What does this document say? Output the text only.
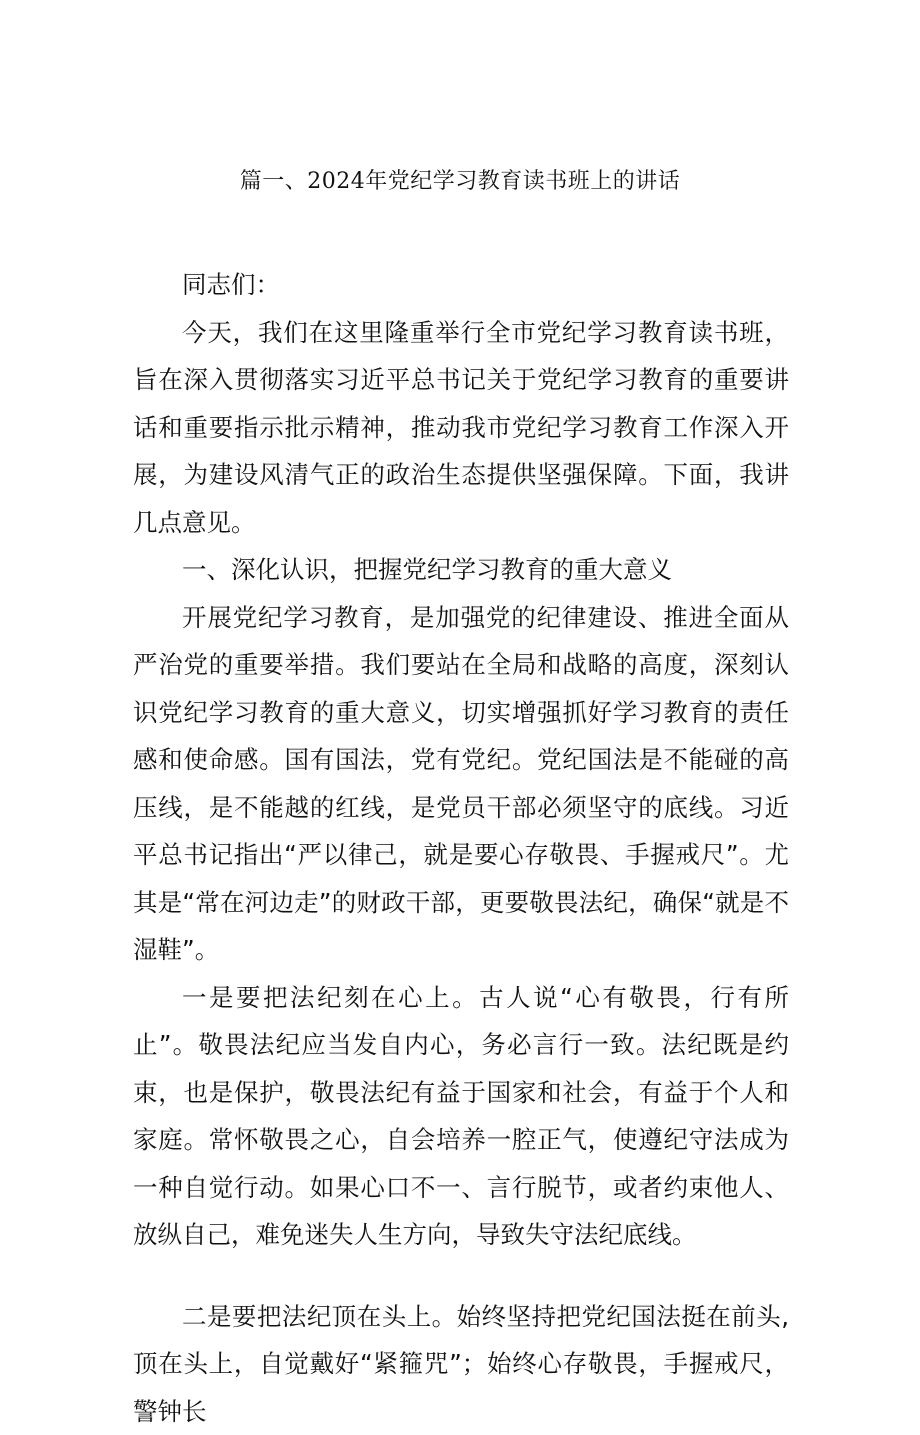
篇一、2024年党纪学习教育读书班上的讲话

同志们：

今天，我们在这里隆重举行全市党纪学习教育读书班，旨在深入贯彻落实习近平总书记关于党纪学习教育的重要讲话和重要指示批示精神，推动我市党纪学习教育工作深入开展，为建设风清气正的政治生态提供坚强保障。下面，我讲几点意见。

一、深化认识，把握党纪学习教育的重大意义

开展党纪学习教育，是加强党的纪律建设、推进全面从严治党的重要举措。我们要站在全局和战略的高度，深刻认识党纪学习教育的重大意义，切实增强抓好学习教育的责任感和使命感。国有国法，党有党纪。党纪国法是不能碰的高压线，是不能越的红线，是党员干部必须坚守的底线。习近平总书记指出“严以律己，就是要心存敬畏、手握戒尺”。尤其是“常在河边走”的财政干部，更要敬畏法纪，确保“就是不湿鞋”。

一是要把法纪刻在心上。古人说“心有敬畏，行有所止”。敬畏法纪应当发自内心，务必言行一致。法纪既是约束，也是保护，敬畏法纪有益于国家和社会，有益于个人和家庭。常怀敬畏之心，自会培养一腔正气，使遵纪守法成为一种自觉行动。如果心口不一、言行脱节，或者约束他人、放纵自己，难免迷失人生方向，导致失守法纪底线。

二是要把法纪顶在头上。始终坚持把党纪国法挺在前头,顶在头上，自觉戴好“紧箍咒”；始终心存敬畏，手握戒尺，警钟长
